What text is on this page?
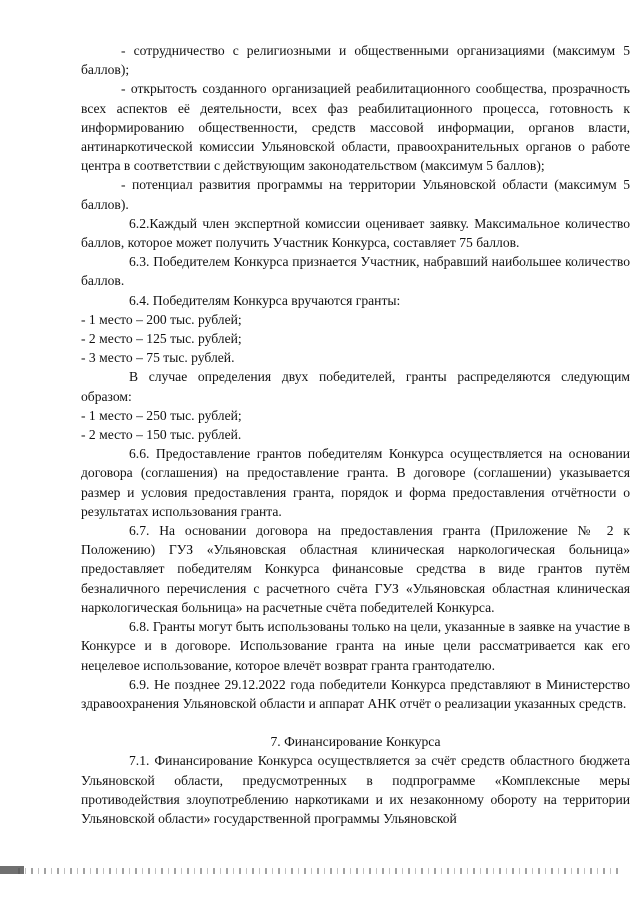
- сотрудничество с религиозными и общественными организациями (максимум 5 баллов);

- открытость созданного организацией реабилитационного сообщества, прозрачность всех аспектов её деятельности, всех фаз реабилитационного процесса, готовность к информированию общественности, средств массовой информации, органов власти, антинаркотической комиссии Ульяновской области, правоохранительных органов о работе центра в соответствии с действующим законодательством (максимум 5 баллов);

- потенциал развития программы на территории Ульяновской области (максимум 5 баллов).

6.2.Каждый член экспертной комиссии оценивает заявку. Максимальное количество баллов, которое может получить Участник Конкурса, составляет 75 баллов.

6.3. Победителем Конкурса признается Участник, набравший наибольшее количество баллов.

6.4. Победителям Конкурса вручаются гранты:

- 1 место – 200 тыс. рублей;
- 2 место – 125 тыс. рублей;
- 3 место – 75 тыс. рублей.

В случае определения двух победителей, гранты распределяются следующим образом:

- 1 место – 250 тыс. рублей;
- 2 место – 150 тыс. рублей.

6.6. Предоставление грантов победителям Конкурса осуществляется на основании договора (соглашения) на предоставление гранта. В договоре (соглашении) указывается размер и условия предоставления гранта, порядок и форма предоставления отчётности о результатах использования гранта.

6.7. На основании договора на предоставления гранта (Приложение № 2 к Положению) ГУЗ «Ульяновская областная клиническая наркологическая больница» предоставляет победителям Конкурса финансовые средства в виде грантов путём безналичного перечисления с расчетного счёта ГУЗ «Ульяновская областная клиническая наркологическая больница» на расчетные счёта победителей Конкурса.

6.8. Гранты могут быть использованы только на цели, указанные в заявке на участие в Конкурсе и в договоре. Использование гранта на иные цели рассматривается как его нецелевое использование, которое влечёт возврат гранта грантодателю.

6.9. Не позднее 29.12.2022 года победители Конкурса представляют в Министерство здравоохранения Ульяновской области и аппарат АНК отчёт о реализации указанных средств.

7. Финансирование Конкурса

7.1. Финансирование Конкурса осуществляется за счёт средств областного бюджета Ульяновской области, предусмотренных в подпрограмме «Комплексные меры противодействия злоупотреблению наркотиками и их незаконному обороту на территории Ульяновской области» государственной программы Ульяновской
